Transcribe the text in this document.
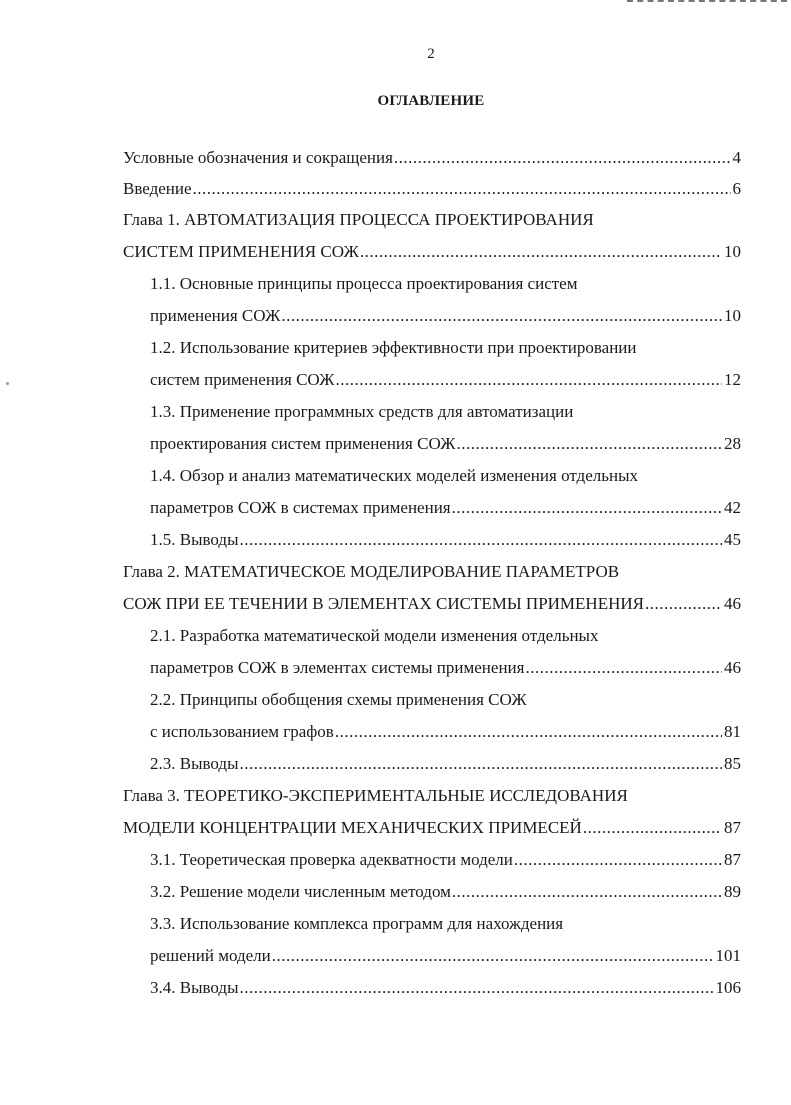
2
ОГЛАВЛЕНИЕ
Условные обозначения и сокращения .....	4
Введение .....	6
Глава 1. АВТОМАТИЗАЦИЯ ПРОЦЕССА ПРОЕКТИРОВАНИЯ
СИСТЕМ ПРИМЕНЕНИЯ СОЖ .....	10
1.1. Основные принципы процесса проектирования систем
применения СОЖ .....	10
1.2. Использование критериев эффективности при проектировании
систем применения СОЖ .....	12
1.3. Применение программных средств для автоматизации
проектирования систем применения СОЖ .....	28
1.4. Обзор и анализ математических моделей изменения отдельных
параметров СОЖ в системах применения .....	42
1.5. Выводы .....	45
Глава 2. МАТЕМАТИЧЕСКОЕ МОДЕЛИРОВАНИЕ ПАРАМЕТРОВ
СОЖ ПРИ ЕЕ ТЕЧЕНИИ В ЭЛЕМЕНТАХ СИСТЕМЫ ПРИМЕНЕНИЯ .....	46
2.1. Разработка математической модели изменения отдельных
параметров СОЖ в элементах системы применения .....	46
2.2. Принципы обобщения схемы применения СОЖ
с использованием графов .....	81
2.3. Выводы .....	85
Глава 3. ТЕОРЕТИКО-ЭКСПЕРИМЕНТАЛЬНЫЕ ИССЛЕДОВАНИЯ
МОДЕЛИ КОНЦЕНТРАЦИИ МЕХАНИЧЕСКИХ ПРИМЕСЕЙ .....	87
3.1. Теоретическая проверка адекватности модели .....	87
3.2. Решение модели численным методом .....	89
3.3. Использование комплекса программ для нахождения
решений модели .....	101
3.4. Выводы .....	106
